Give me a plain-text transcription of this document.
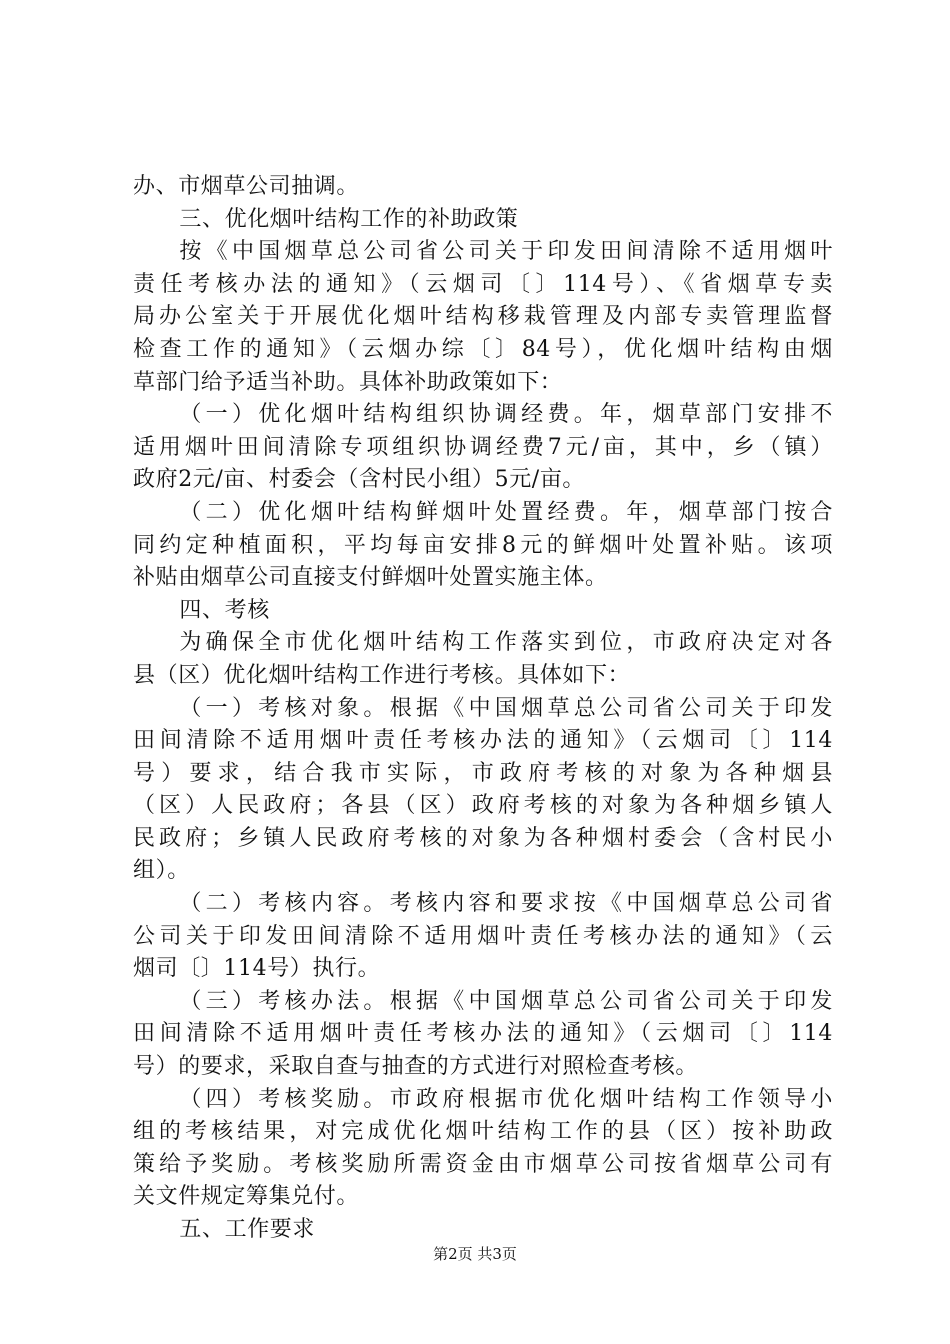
办、市烟草公司抽调。
三、优化烟叶结构工作的补助政策
按《中国烟草总公司省公司关于印发田间清除不适用烟叶
责任考核办法的通知》（云烟司〔〕114号）、《省烟草专卖
局办公室关于开展优化烟叶结构移栽管理及内部专卖管理监督
检查工作的通知》（云烟办综〔〕84号），优化烟叶结构由烟
草部门给予适当补助。具体补助政策如下：
（一）优化烟叶结构组织协调经费。年，烟草部门安排不
适用烟叶田间清除专项组织协调经费7元/亩，其中，乡（镇）
政府2元/亩、村委会（含村民小组）5元/亩。
（二）优化烟叶结构鲜烟叶处置经费。年，烟草部门按合
同约定种植面积，平均每亩安排8元的鲜烟叶处置补贴。该项
补贴由烟草公司直接支付鲜烟叶处置实施主体。
四、考核
为确保全市优化烟叶结构工作落实到位，市政府决定对各
县（区）优化烟叶结构工作进行考核。具体如下：
（一）考核对象。根据《中国烟草总公司省公司关于印发
田间清除不适用烟叶责任考核办法的通知》（云烟司〔〕114
号）要求，结合我市实际，市政府考核的对象为各种烟县
（区）人民政府；各县（区）政府考核的对象为各种烟乡镇人
民政府；乡镇人民政府考核的对象为各种烟村委会（含村民小
组）。
（二）考核内容。考核内容和要求按《中国烟草总公司省
公司关于印发田间清除不适用烟叶责任考核办法的通知》（云
烟司〔〕114号）执行。
（三）考核办法。根据《中国烟草总公司省公司关于印发
田间清除不适用烟叶责任考核办法的通知》（云烟司〔〕114
号）的要求，采取自查与抽查的方式进行对照检查考核。
（四）考核奖励。市政府根据市优化烟叶结构工作领导小
组的考核结果，对完成优化烟叶结构工作的县（区）按补助政
策给予奖励。考核奖励所需资金由市烟草公司按省烟草公司有
关文件规定筹集兑付。
五、工作要求
第2页 共3页
